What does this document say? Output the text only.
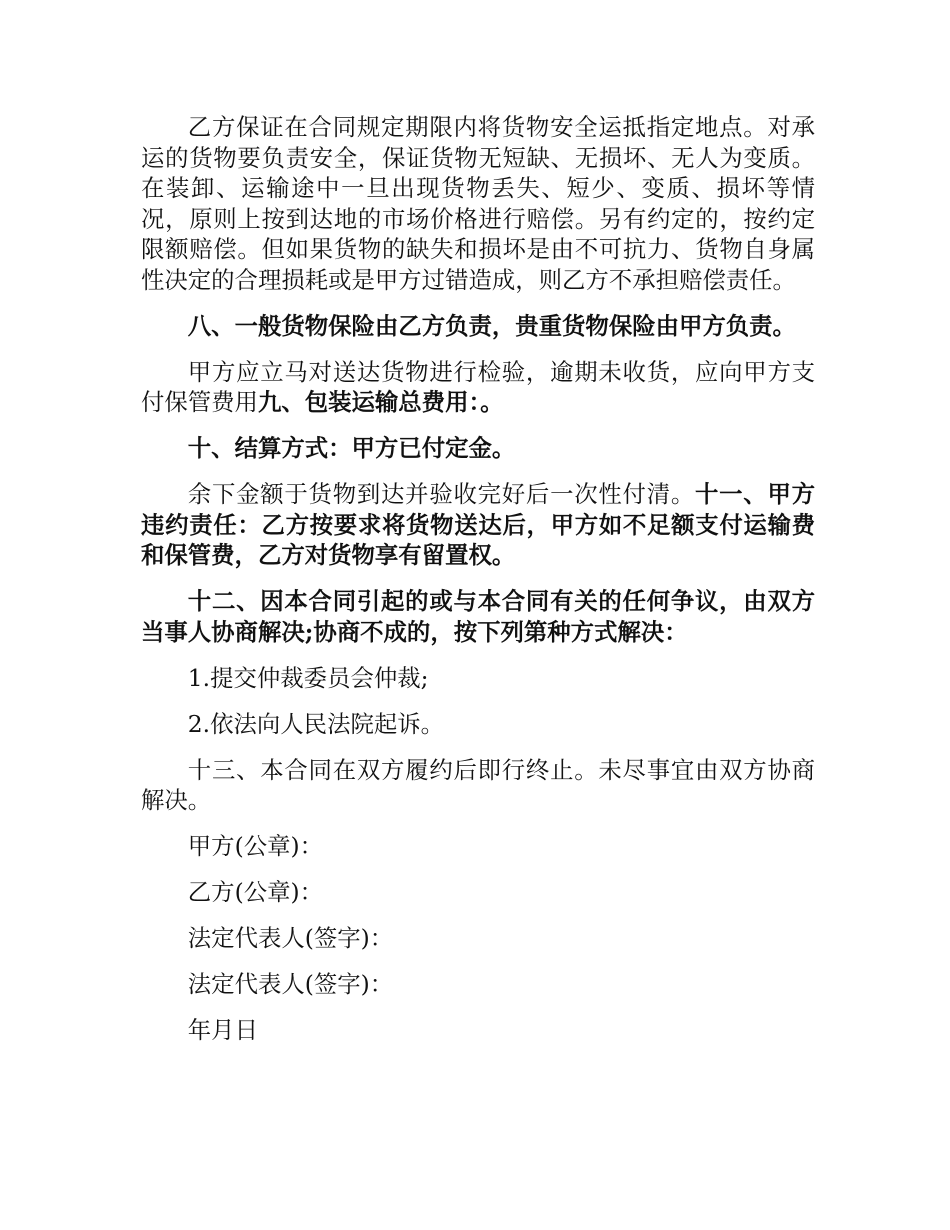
乙方保证在合同规定期限内将货物安全运抵指定地点。对承运的货物要负责安全，保证货物无短缺、无损坏、无人为变质。在装卸、运输途中一旦出现货物丢失、短少、变质、损坏等情况，原则上按到达地的市场价格进行赔偿。另有约定的，按约定限额赔偿。但如果货物的缺失和损坏是由不可抗力、货物自身属性决定的合理损耗或是甲方过错造成，则乙方不承担赔偿责任。

八、一般货物保险由乙方负责，贵重货物保险由甲方负责。

甲方应立马对送达货物进行检验，逾期未收货，应向甲方支付保管费用九、包装运输总费用：。

十、结算方式：甲方已付定金。

余下金额于货物到达并验收完好后一次性付清。十一、甲方违约责任：乙方按要求将货物送达后，甲方如不足额支付运输费和保管费，乙方对货物享有留置权。

十二、因本合同引起的或与本合同有关的任何争议，由双方当事人协商解决;协商不成的，按下列第种方式解决：

1.提交仲裁委员会仲裁;

2.依法向人民法院起诉。

十三、本合同在双方履约后即行终止。未尽事宜由双方协商解决。

甲方(公章)：

乙方(公章)：

法定代表人(签字)：

法定代表人(签字)：

年月日
